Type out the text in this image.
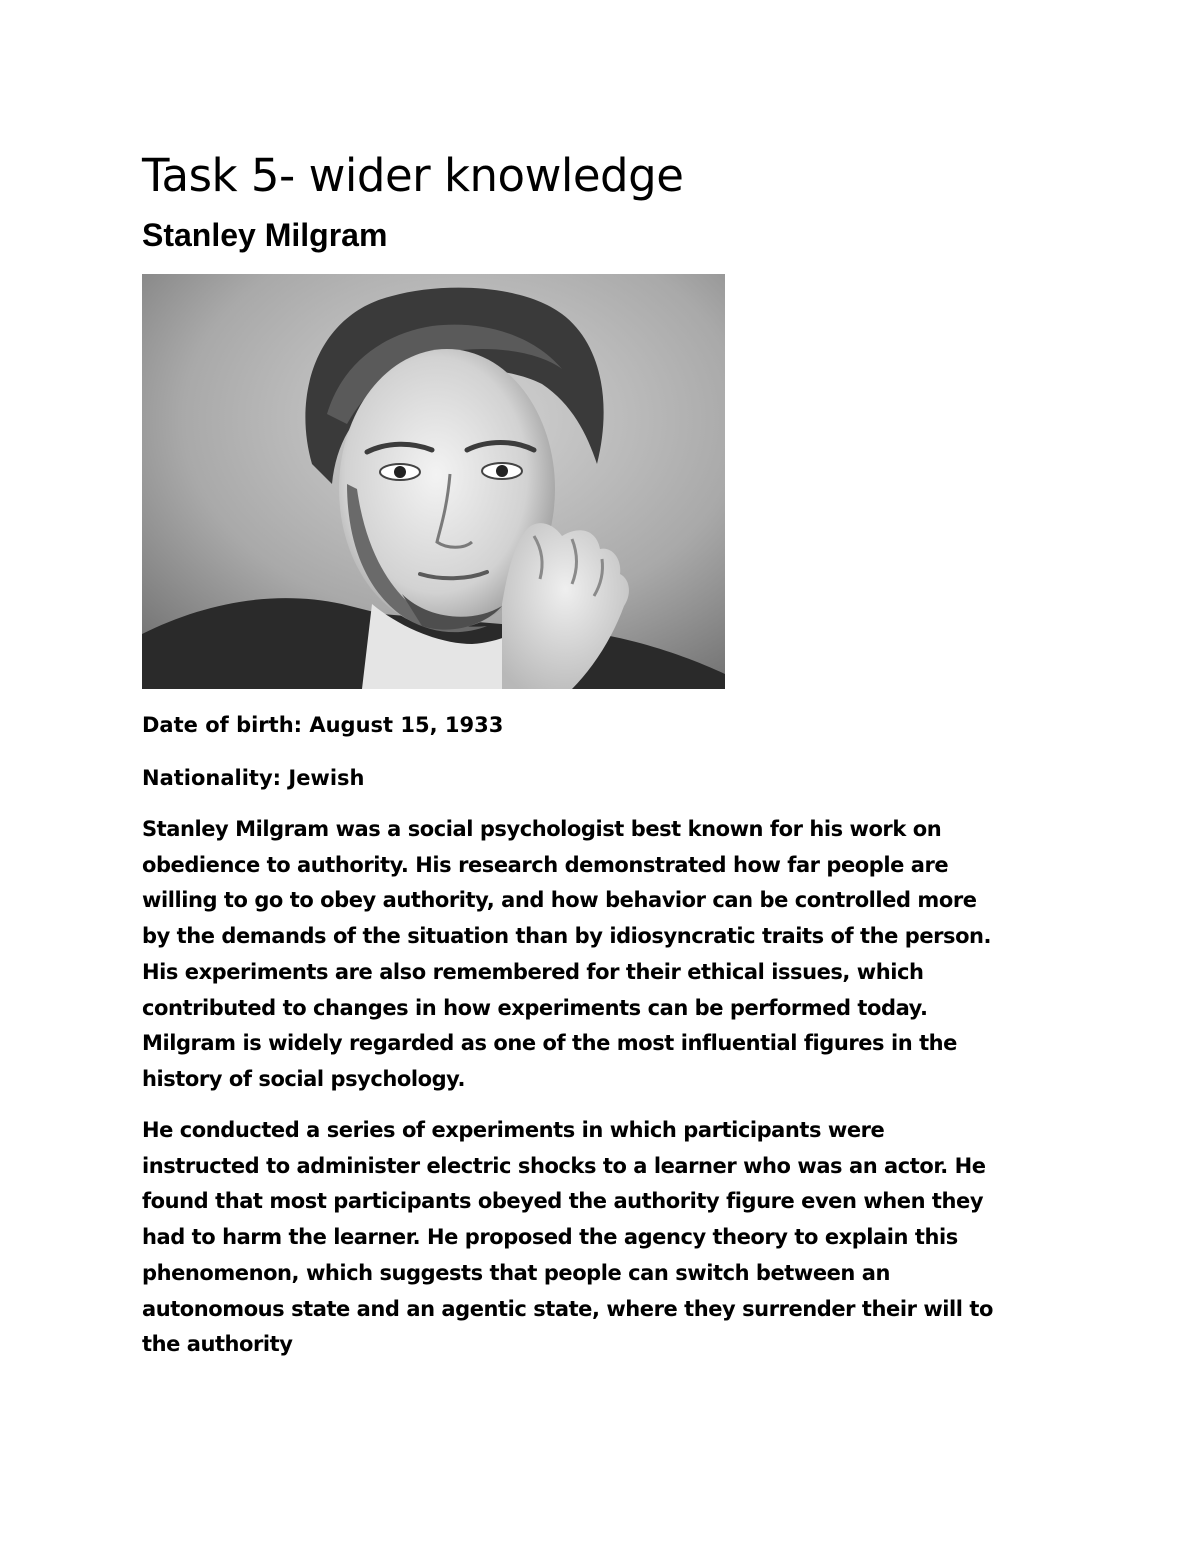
Task 5- wider knowledge
Stanley Milgram

Date of birth: August 15, 1933

Nationality: Jewish

Stanley Milgram was a social psychologist best known for his work on
obedience to authority. His research demonstrated how far people are
willing to go to obey authority, and how behavior can be controlled more
by the demands of the situation than by idiosyncratic traits of the person.
His experiments are also remembered for their ethical issues, which
contributed to changes in how experiments can be performed today.
Milgram is widely regarded as one of the most influential figures in the
history of social psychology.

He conducted a series of experiments in which participants were
instructed to administer electric shocks to a learner who was an actor. He
found that most participants obeyed the authority figure even when they
had to harm the learner. He proposed the agency theory to explain this
phenomenon, which suggests that people can switch between an
autonomous state and an agentic state, where they surrender their will to
the authority
